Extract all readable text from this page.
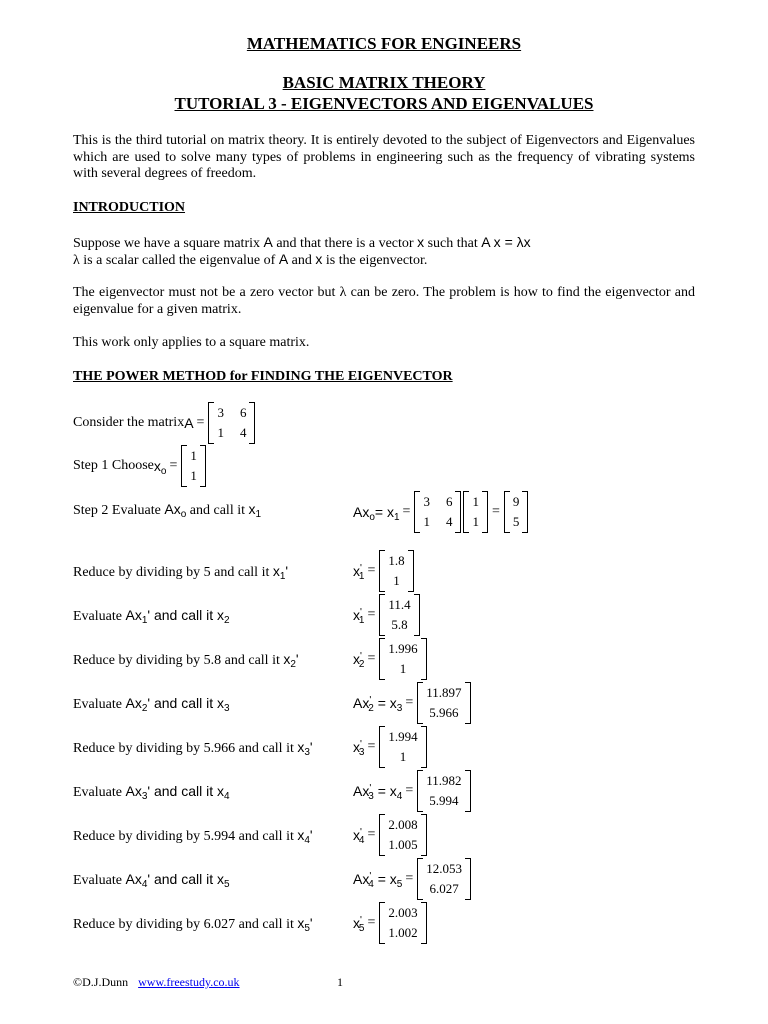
MATHEMATICS FOR ENGINEERS
BASIC MATRIX THEORY
TUTORIAL 3 - EIGENVECTORS AND EIGENVALUES
This is the third tutorial on matrix theory. It is entirely devoted to the subject of Eigenvectors and Eigenvalues which are used to solve many types of problems in engineering such as the frequency of vibrating systems with several degrees of freedom.
INTRODUCTION
Suppose we have a square matrix A and that there is a vector x such that A x = λx
λ is a scalar called the eigenvalue of A and x is the eigenvector.
The eigenvector must not be a zero vector but λ can be zero. The problem is how to find the eigenvector and eigenvalue for a given matrix.
This work only applies to a square matrix.
THE POWER METHOD for FINDING THE EIGENVECTOR
Consider the matrix A =
3 6
1 4
Step 1 Choose $x_o$ =
1
1
Step 2 Evaluate $Ax_o$ and call it $x_1$	$Ax_o= x_1$ =
3 6
1 4
1
1
=
9
5
Reduce by dividing by 5 and call it $x_1'$	$x'_1$ =
1.8
1
Evaluate $Ax_1'$ and call it $x_2$	$x'_1$ =
11.4
5.8
Reduce by dividing by 5.8 and call it $x_2'$	$x'_2$ =
1.996
1
Evaluate $Ax_2'$ and call it $x_3$	$Ax'_2 = x_3$ =
11.897
5.966
Reduce by dividing by 5.966 and call it $x_3'$	$x'_3$ =
1.994
1
Evaluate $Ax_3'$ and call it $x_4$	$Ax'_3 = x_4$ =
11.982
5.994
Reduce by dividing by 5.994 and call it $x_4'$	$x'_4$ =
2.008
1.005
Evaluate $Ax_4'$ and call it $x_5$	$Ax'_4 = x_5$ =
12.053
6.027
Reduce by dividing by 6.027 and call it $x_5'$	$x'_5$ =
2.003
1.002
©D.J.Dunn www.freestudy.co.uk	1
